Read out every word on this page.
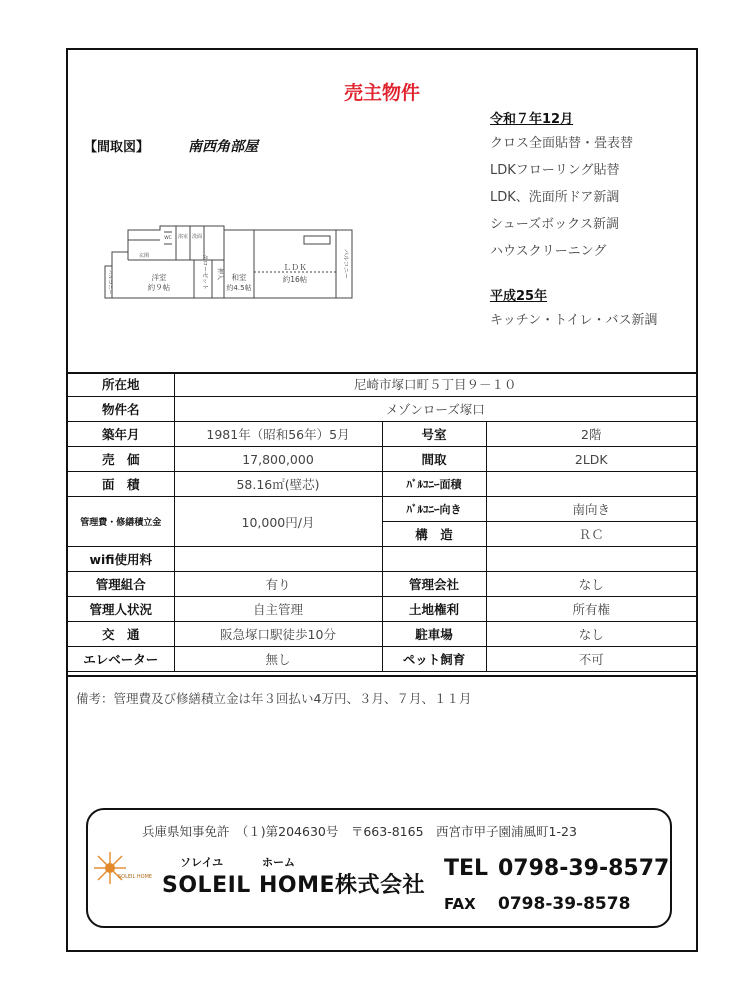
売主物件
【間取図】	南西角部屋
ＬＤＫ
約16帖
洋室
約９帖
和室
約4.5帖
玄関
浴室 洗面
WC
クローゼット 押入	バルコニー
バルコニー
令和７年12月
クロス全面貼替・畳表替
LDKフローリング貼替
LDK、洗面所ドア新調
シューズボックス新調
ハウスクリーニング
平成25年
キッチン・トイレ・バス新調
所在地	尼崎市塚口町５丁目９－１０		
物件名	メゾンローズ塚口		
築年月	1981年（昭和56年）5月	号室	2階
売　価	17,800,000	間取	2LDK
面　積	58.16㎡(壁芯)	ﾊﾞﾙｺﾆｰ面積	
管理費・修繕積立金	10,000円/月	ﾊﾞﾙｺﾆｰ向き	南向き
		構　造	ＲＣ
wifi使用料			
管理組合	有り	管理会社	なし
管理人状況	自主管理	土地権利	所有権
交　通	阪急塚口駅徒歩10分	駐車場	なし
エレベーター	無し	ペット飼育	不可
備考：管理費及び修繕積立金は年３回払い4万円、３月、７月、１１月
兵庫県知事免許　（１)第204630号　〒663-8165　西宮市甲子園浦風町1-23
SOLEIL HOME
ソレイユ	ホーム
SOLEIL HOME株式会社
TEL 0798-39-8577
FAX 0798-39-8578
